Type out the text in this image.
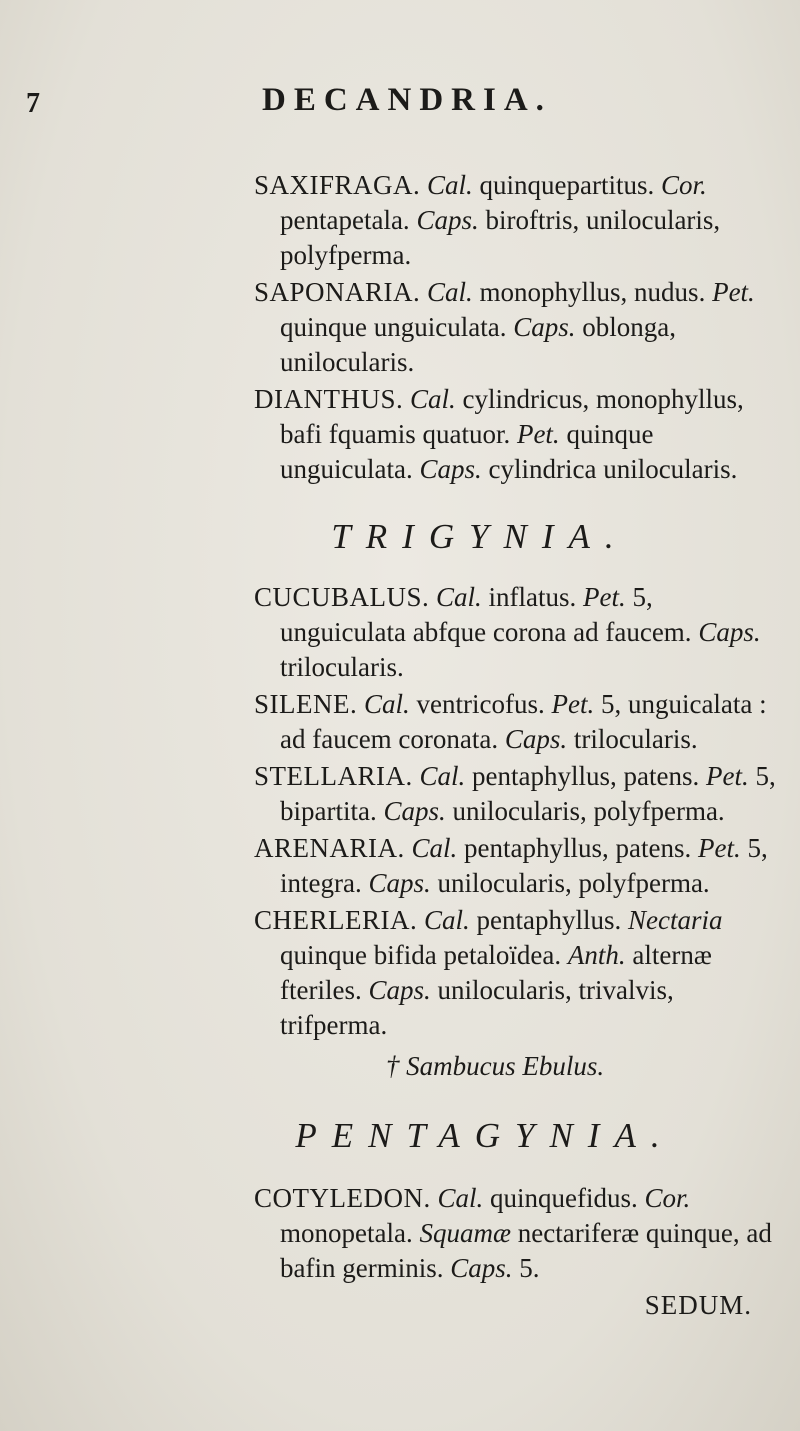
7	DECANDRIA.

SAXIFRAGA. Cal. quinquepartitus. Cor. pentapetala. Caps. biroftris, unilocularis, polyfperma.

SAPONARIA. Cal. monophyllus, nudus. Pet. quinque unguiculata. Caps. oblonga, unilocularis.

DIANTHUS. Cal. cylindricus, monophyllus, bafi fquamis quatuor. Pet. quinque unguiculata. Caps. cylindrica unilocularis.

TRIGYNIA.

CUCUBALUS. Cal. inflatus. Pet. 5, unguiculata abfque corona ad faucem. Caps. trilocularis.

SILENE. Cal. ventricofus. Pet. 5, unguicalata : ad faucem coronata. Caps. trilocularis.

STELLARIA. Cal. pentaphyllus, patens. Pet. 5, bipartita. Caps. unilocularis, polyfperma.

ARENARIA. Cal. pentaphyllus, patens. Pet. 5, integra. Caps. unilocularis, polyfperma.

CHERLERIA. Cal. pentaphyllus. Nectaria quinque bifida petaloïdea. Anth. alternæ fteriles. Caps. unilocularis, trivalvis, trifperma.

† Sambucus Ebulus.
PENTAGYNIA.

COTYLEDON. Cal. quinquefidus. Cor. monopetala. Squamæ nectariferæ quinque, ad bafin germinis. Caps. 5.

SEDUM.
